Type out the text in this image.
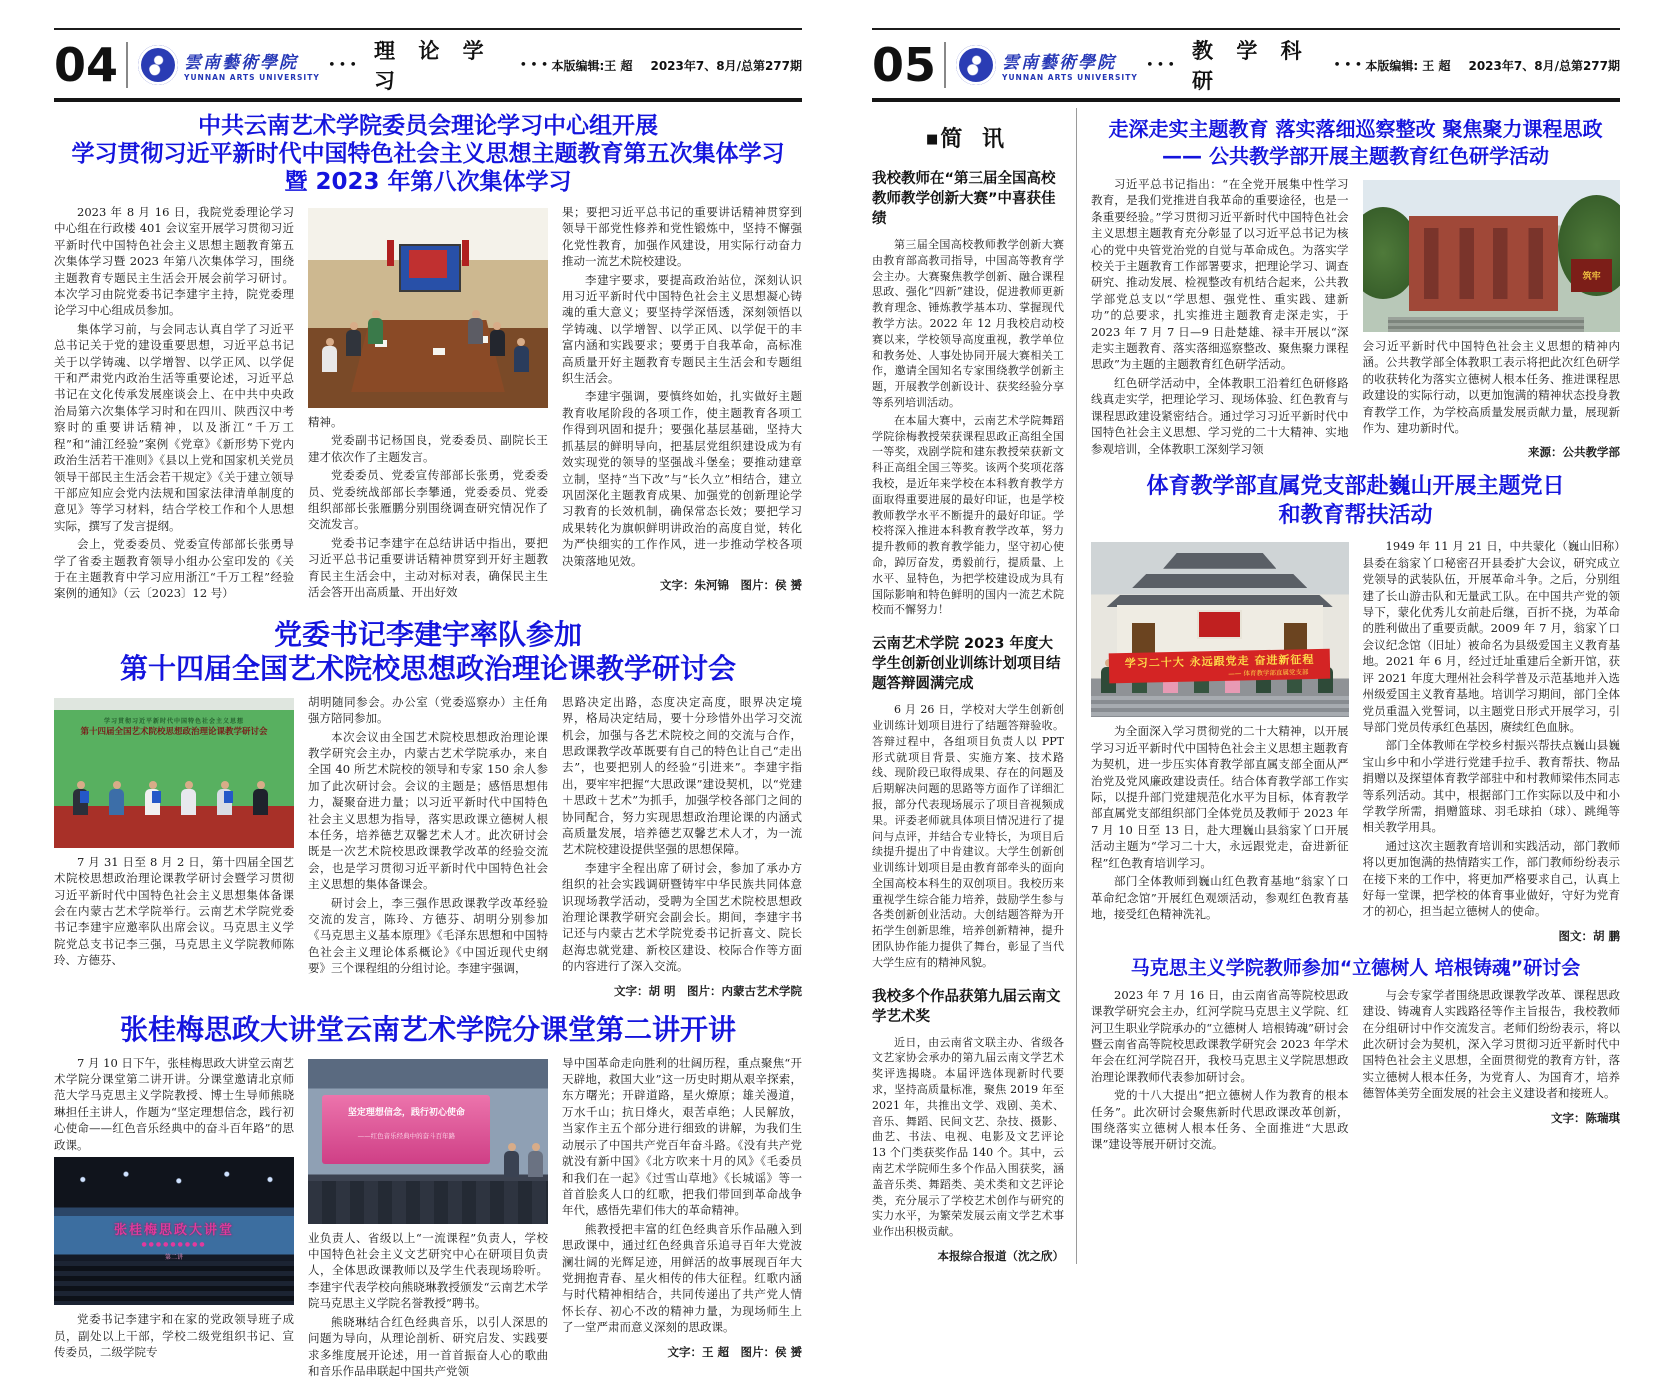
04	雲南藝術學院
YUNNAN ARTS UNIVERSITY
•••
理 论 学 习
••• 本版编辑:王 超 2023年7、8月/总第277期
中共云南艺术学院委员会理论学习中心组开展
学习贯彻习近平新时代中国特色社会主义思想主题教育第五次集体学习
暨 2023 年第八次集体学习

2023 年 8 月 16 日，我院党委理论学习中心组在行政楼 401 会议室开展学习贯彻习近平新时代中国特色社会主义思想主题教育第五次集体学习暨 2023 年第八次集体学习，围绕主题教育专题民主生活会开展会前学习研讨。本次学习由院党委书记李建宇主持，院党委理论学习中心组成员参加。

集体学习前，与会同志认真自学了习近平总书记关于党的建设重要思想，习近平总书记关于以学铸魂、以学增智、以学正风、以学促干和严肃党内政治生活等重要论述，习近平总书记在文化传承发展座谈会上、在中共中央政治局第六次集体学习时和在四川、陕西汉中考察时的重要讲话精神，以及浙江“千万工程”和“浦江经验”案例《党章》《新形势下党内政治生活若干准则》《县以上党和国家机关党员领导干部民主生活会若干规定》《关于建立领导干部应知应会党内法规和国家法律清单制度的意见》等学习材料，结合学校工作和个人思想实际，撰写了发言提纲。

会上，党委委员、党委宣传部部长张勇导学了省委主题教育领导小组办公室印发的《关于在主题教育中学习应用浙江“千万工程”经验案例的通知》（云〔2023〕12 号）

精神。

党委副书记杨国良，党委委员、副院长王建才依次作了主题发言。

党委委员、党委宣传部部长张勇，党委委员、党委统战部部长李攀通，党委委员、党委组织部部长张雁鹏分别围绕调查研究情况作了交流发言。

党委书记李建宇在总结讲话中指出，要把习近平总书记重要讲话精神贯穿到开好主题教育民主生活会中，主动对标对表，确保民主生活会答开出高质量、开出好效

果；要把习近平总书记的重要讲话精神贯穿到领导干部党性修养和党性锻炼中，坚持不懈强化党性教育，加强作风建设，用实际行动奋力推动一流艺术院校建设。

李建宇要求，要提高政治站位，深刻认识用习近平新时代中国特色社会主义思想凝心铸魂的重大意义；要坚持学深悟透，深刻领悟以学铸魂、以学增智、以学正风、以学促干的丰富内涵和实践要求；要勇于自我革命，高标准高质量开好主题教育专题民主生活会和专题组织生活会。

李建宇强调，要慎终如始，扎实做好主题教育收尾阶段的各项工作，使主题教育各项工作得到巩固和提升；要强化基层基础，坚持大抓基层的鲜明导向，把基层党组织建设成为有效实现党的领导的坚强战斗堡垒；要推动建章立制，坚持“当下改”与“长久立”相结合，建立巩固深化主题教育成果、加强党的创新理论学习教育的长效机制，确保常态长效；要把学习成果转化为旗帜鲜明讲政治的高度自觉，转化为严快细实的工作作风，进一步推动学校各项决策落地见效。

文字：朱河锦　图片：侯 赟
党委书记李建宇率队参加
第十四届全国艺术院校思想政治理论课教学研讨会
学习贯彻习近平新时代中国特色社会主义思想
第十四届全国艺术院校思想政治理论课教学研讨会

7 月 31 日至 8 月 2 日，第十四届全国艺术院校思想政治理论课教学研讨会暨学习贯彻习近平新时代中国特色社会主义思想集体备课会在内蒙古艺术学院举行。云南艺术学院党委书记李建宇应邀率队出席会议。马克思主义学院党总支书记李三强，马克思主义学院教师陈玲、方德芬、

胡明随同参会。办公室（党委巡察办）主任角强方陪同参加。

本次会议由全国艺术院校思想政治理论课教学研究会主办，内蒙古艺术学院承办，来自全国 40 所艺术院校的领导和专家 150 余人参加了此次研讨会。会议的主题是；感悟思想伟力，凝聚奋进力量；以习近平新时代中国特色社会主义思想为指导，落实思政课立德树人根本任务，培养德艺双馨艺术人才。此次研讨会既是一次艺术院校思政课教学改革的经验交流会，也是学习贯彻习近平新时代中国特色社会主义思想的集体备课会。

研讨会上，李三强作思政课教学改革经验交流的发言，陈玲、方德芬、胡明分别参加《马克思主义基本原理》《毛泽东思想和中国特色社会主义理论体系概论》《中国近现代史纲要》三个课程组的分组讨论。李建宇强调，

思路决定出路，态度决定高度，眼界决定境界，格局决定结局，要十分珍惜外出学习交流机会，加强与各艺术院校之间的交流与合作，思政课教学改革既要有自己的特色让自己“走出去”，也要把别人的经验“引进来”。李建宇指出，要牢牢把握“大思政课”建设契机，以“党建＋思政＋艺术”为抓手，加强学校各部门之间的协同配合，努力实现思想政治理论课的内涵式高质量发展，培养德艺双馨艺术人才，为一流艺术院校建设提供坚强的思想保障。

李建宇全程出席了研讨会，参加了承办方组织的社会实践调研暨铸牢中华民族共同体意识现场教学活动，受聘为全国艺术院校思想政治理论课教学研究会副会长。期间，李建宇书记还与内蒙古艺术学院党委书记折喜文、院长赵海忠就党建、新校区建设、校际合作等方面的内容进行了深入交流。

文字：胡 明　图片：内蒙古艺术学院
张桂梅思政大讲堂云南艺术学院分课堂第二讲开讲

7 月 10 日下午，张桂梅思政大讲堂云南艺术学院分课堂第二讲开讲。分课堂邀请北京师范大学马克思主义学院教授、博士生导师熊晓琳担任主讲人，作题为“坚定理想信念，践行初心使命——红色音乐经典中的奋斗百年路”的思政课。

张桂梅思政大讲堂
●●●●●●●●●
第二讲

党委书记李建宇和在家的党政领导班子成员，副处以上干部，学校二级党组织书记、宣传委员，二级学院专

坚定理想信念，践行初心使命
——红色音乐经典中的奋斗百年路

业负责人、省级以上“一流课程”负责人，学校中国特色社会主义文艺研究中心在研项目负责人，全体思政课教师以及学生代表现场聆听。李建宇代表学校向熊晓琳教授颁发“云南艺术学院马克思主义学院名誉教授”聘书。

熊晓琳结合红色经典音乐，以引人深思的问题为导向，从理论剖析、研究启发、实践要求多维度展开论述，用一首首振奋人心的歌曲和音乐作品串联起中国共产党领

导中国革命走向胜利的壮阔历程，重点聚焦“开天辟地，救国大业”这一历史时期从艰辛探索，东方曙光；开辟道路，星火燎原；雄关漫道，万水千山；抗日烽火，艰苦卓绝；人民解放，当家作主五个部分进行细致的讲解，为我们生动展示了中国共产党百年奋斗路。《没有共产党就没有新中国》《北方吹来十月的风》《毛委员和我们在一起》《过雪山草地》《长城谣》等一首首脍炙人口的红歌，把我们带回到革命战争年代，感悟先辈们伟大的革命精神。

熊教授把丰富的红色经典音乐作品融入到思政课中，通过红色经典音乐追寻百年大党波澜壮阔的光辉足迹，用鲜活的故事展现百年大党拥抱青春、星火相传的伟大征程。红歌内涵与时代精神相结合，共同传递出了共产党人情怀长存、初心不改的精神力量，为现场师生上了一堂严肃而意义深刻的思政课。

文字：王 超　图片：侯 赟
05	雲南藝術學院
YUNNAN ARTS UNIVERSITY
•••
教 学 科 研
••• 本版编辑: 王 超 2023年7、8月/总第277期
■简 讯
我校教师在“第三届全国高校教师教学创新大赛”中喜获佳绩

第三届全国高校教师教学创新大赛由教育部高教司指导，中国高等教育学会主办。大赛聚焦教学创新、融合课程思政、强化“四新”建设，促进教师更新教育理念、锤炼教学基本功、掌握现代教学方法。2022 年 12 月我校启动校赛以来，学校领导高度重视，教学单位和教务处、人事处协同开展大赛相关工作，邀请全国知名专家围绕教学创新主题，开展教学创新设计、获奖经验分享等系列培训活动。

在本届大赛中，云南艺术学院舞蹈学院徐梅教授荣获课程思政正高组全国一等奖，戏剧学院和建东教授荣获新文科正高组全国三等奖。该两个奖项花落我校，是近年来学校在本科教育教学方面取得重要进展的最好印证，也是学校教师教学水平不断提升的最好印证。学校将深入推进本科教育教学改革，努力提升教师的教育教学能力，坚守初心使命，踔厉奋发，勇毅前行，提质量、上水平、显特色，为把学校建设成为具有国际影响和特色鲜明的国内一流艺术院校而不懈努力！

云南艺术学院 2023 年度大学生创新创业训练计划项目结题答辩圆满完成

6 月 26 日，学校对大学生创新创业训练计划项目进行了结题答辩验收。答辩过程中，各组项目负责人以 PPT 形式就项目背景、实施方案、技术路线、现阶段已取得成果、存在的问题及后期解决问题的思路等方面作了详细汇报，部分代表现场展示了项目音视频成果。评委老师就具体项目情况进行了提问与点评，并结合专业特长，为项目后续提升提出了中肯建议。大学生创新创业训练计划项目是由教育部牵头的面向全国高校本科生的双创项目。我校历来重视学生综合能力培养，鼓励学生参与各类创新创业活动。大创结题答辩为开拓学生创新思维，培养创新精神，提升团队协作能力提供了舞台，彰显了当代大学生应有的精神风貌。

我校多个作品获第九届云南文学艺术奖

近日，由云南省文联主办、省级各文艺家协会承办的第九届云南文学艺术奖评选揭晓。本届评选体现新时代要求，坚持高质量标准，聚焦 2019 年至 2021 年，共推出文学、戏剧、美术、音乐、舞蹈、民间文艺、杂技、摄影、曲艺、书法、电视、电影及文艺评论 13 个门类获奖作品 140 个。其中，云南艺术学院师生多个作品入围获奖，涵盖音乐类、舞蹈类、美术类和文艺评论类，充分展示了学校艺术创作与研究的实力水平，为繁荣发展云南文学艺术事业作出积极贡献。

本报综合报道（沈之欣）
走深走实主题教育 落实落细巡察整改 聚焦聚力课程思政
—— 公共教学部开展主题教育红色研学活动

习近平总书记指出：“在全党开展集中性学习教育，是我们党推进自我革命的重要途径，也是一条重要经验。”学习贯彻习近平新时代中国特色社会主义思想主题教育充分彰显了以习近平总书记为核心的党中央管党治党的自觉与革命成色。为落实学校关于主题教育工作部署要求，把理论学习、调查研究、推动发展、检视整改有机结合起来，公共教学部党总支以“学思想、强党性、重实践、建新功”的总要求，扎实推进主题教育走深走实，于 2023 年 7 月 7 日—9 日赴楚雄、禄丰开展以“深走实主题教育、落实落细巡察整改、聚焦聚力课程思政”为主题的主题教育红色研学活动。

红色研学活动中，全体教职工沿着红色研修路线真走实学，把理论学习、现场体验、红色教育与课程思政建设紧密结合。通过学习习近平新时代中国特色社会主义思想、学习党的二十大精神、实地参观培训，全体教职工深刻学习领

筑牢

会习近平新时代中国特色社会主义思想的精神内涵。公共教学部全体教职工表示将把此次红色研学的收获转化为落实立德树人根本任务、推进课程思政建设的实际行动，以更加饱满的精神状态投身教育教学工作，为学校高质量发展贡献力量，展现新作为、建功新时代。

来源：公共教学部
体育教学部直属党支部赴巍山开展主题党日
和教育帮扶活动
学习二十大 永远跟党走 奋进新征程
—— 体育教学部直属党支部

为全面深入学习贯彻党的二十大精神，以开展学习习近平新时代中国特色社会主义思想主题教育为契机，进一步压实体育教学部直属支部全面从严治党及党风廉政建设责任。结合体育教学部工作实际，以提升部门党建规范化水平为目标，体育教学部直属党支部组织部门全体党员及教师于 2023 年 7 月 10 日至 13 日，赴大理巍山县翁家丫口开展活动主题为“学习二十大，永远跟党走，奋进新征程”红色教育培训学习。

部门全体教师到巍山红色教育基地“翁家丫口革命纪念馆”开展红色观颂活动，参观红色教育基地，接受红色精神洗礼。

1949 年 11 月 21 日，中共蒙化（巍山旧称）县委在翁家丫口秘密召开县委扩大会议，研究成立党领导的武装队伍，开展革命斗争。之后，分别组建了长山游击队和无量武工队。在中国共产党的领导下，蒙化优秀儿女前赴后继，百折不挠，为革命的胜利做出了重要贡献。2009 年 7 月，翁家丫口会议纪念馆（旧址）被命名为县级爱国主义教育基地。2021 年 6 月，经过迁址重建后全新开馆，获评 2021 年度大理州社会科学普及示范基地并入选州级爱国主义教育基地。培训学习期间，部门全体党员重温入党誓词，以主题党日形式开展学习，引导部门党员传承红色基因，赓续红色血脉。

部门全体教师在学校乡村振兴帮扶点巍山县巍宝山乡中和小学进行党建手拉手、教育帮扶、物品捐赠以及探望体育教学部驻中和村教师梁伟杰同志等系列活动。其中，根据部门工作实际以及中和小学教学所需，捐赠篮球、羽毛球拍（球）、跳绳等相关教学用具。

通过这次主题教育培训和实践活动，部门教师将以更加饱满的热情踏实工作，部门教师纷纷表示在接下来的工作中，将更加严格要求自己，认真上好每一堂课，把学校的体育事业做好，守好为党育才的初心，担当起立德树人的使命。

图文：胡 鹏
马克思主义学院教师参加“立德树人 培根铸魂”研讨会

2023 年 7 月 16 日，由云南省高等院校思政课教学研究会主办，红河学院马克思主义学院、红河卫生职业学院承办的“立德树人 培根铸魂”研讨会暨云南省高等院校思政课教学研究会 2023 年学术年会在红河学院召开，我校马克思主义学院思想政治理论课教师代表参加研讨会。

党的十八大提出“把立德树人作为教育的根本任务”。此次研讨会聚焦新时代思政课改革创新，围绕落实立德树人根本任务、全面推进“大思政课”建设等展开研讨交流。

与会专家学者围绕思政课教学改革、课程思政建设、铸魂育人实践路径等作主旨报告，我校教师在分组研讨中作交流发言。老师们纷纷表示，将以此次研讨会为契机，深入学习贯彻习近平新时代中国特色社会主义思想，全面贯彻党的教育方针，落实立德树人根本任务，为党育人、为国育才，培养德智体美劳全面发展的社会主义建设者和接班人。

文字：陈瑞琪
